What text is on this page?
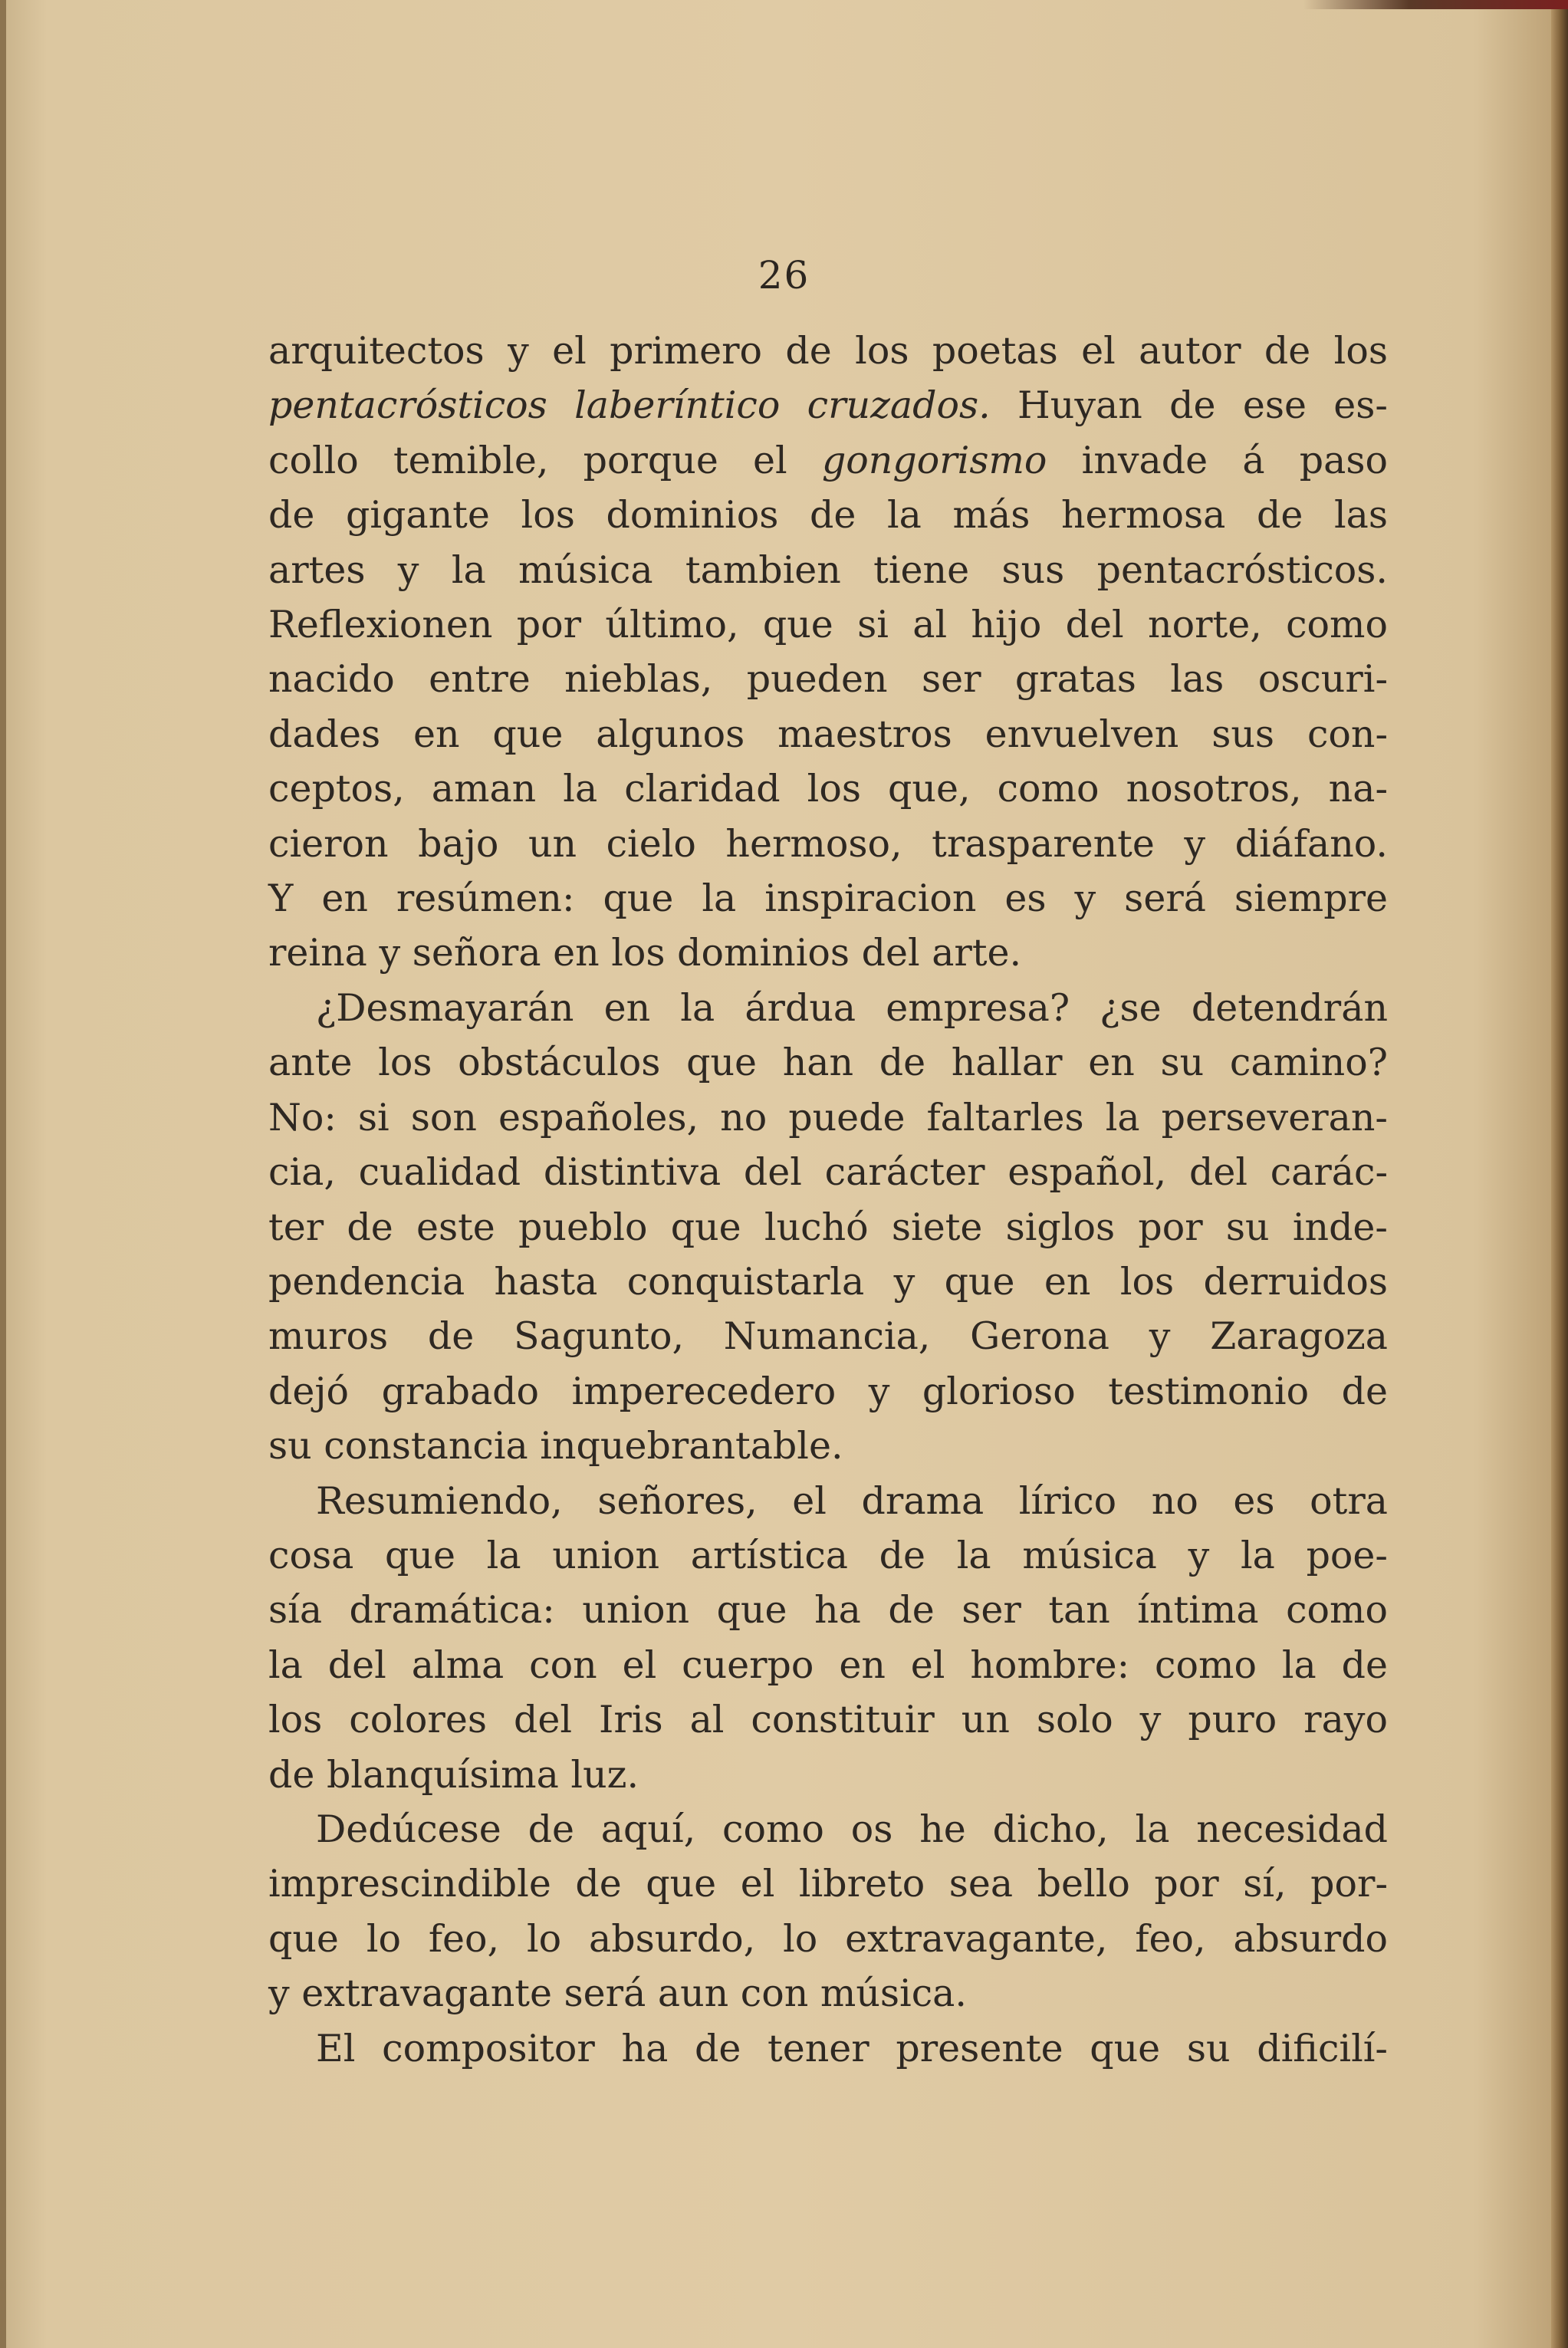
26
arquitectos y el primero de los poetas el autor de los
pentacrósticos laberíntico cruzados. Huyan de ese es-
collo temible, porque el gongorismo invade á paso
de gigante los dominios de la más hermosa de las
artes y la música tambien tiene sus pentacrósticos.
Reflexionen por último, que si al hijo del norte, como
nacido entre nieblas, pueden ser gratas las oscuri-
dades en que algunos maestros envuelven sus con-
ceptos, aman la claridad los que, como nosotros, na-
cieron bajo un cielo hermoso, trasparente y diáfano.
Y en resúmen: que la inspiracion es y será siempre
reina y señora en los dominios del arte.
¿Desmayarán en la árdua empresa? ¿se detendrán
ante los obstáculos que han de hallar en su camino?
No: si son españoles, no puede faltarles la perseveran-
cia, cualidad distintiva del carácter español, del carác-
ter de este pueblo que luchó siete siglos por su inde-
pendencia hasta conquistarla y que en los derruidos
muros de Sagunto, Numancia, Gerona y Zaragoza
dejó grabado imperecedero y glorioso testimonio de
su constancia inquebrantable.
Resumiendo, señores, el drama lírico no es otra
cosa que la union artística de la música y la poe-
sía dramática: union que ha de ser tan íntima como
la del alma con el cuerpo en el hombre: como la de
los colores del Iris al constituir un solo y puro rayo
de blanquísima luz.
Dedúcese de aquí, como os he dicho, la necesidad
imprescindible de que el libreto sea bello por sí, por-
que lo feo, lo absurdo, lo extravagante, feo, absurdo
y extravagante será aun con música.
El compositor ha de tener presente que su dificilí-
